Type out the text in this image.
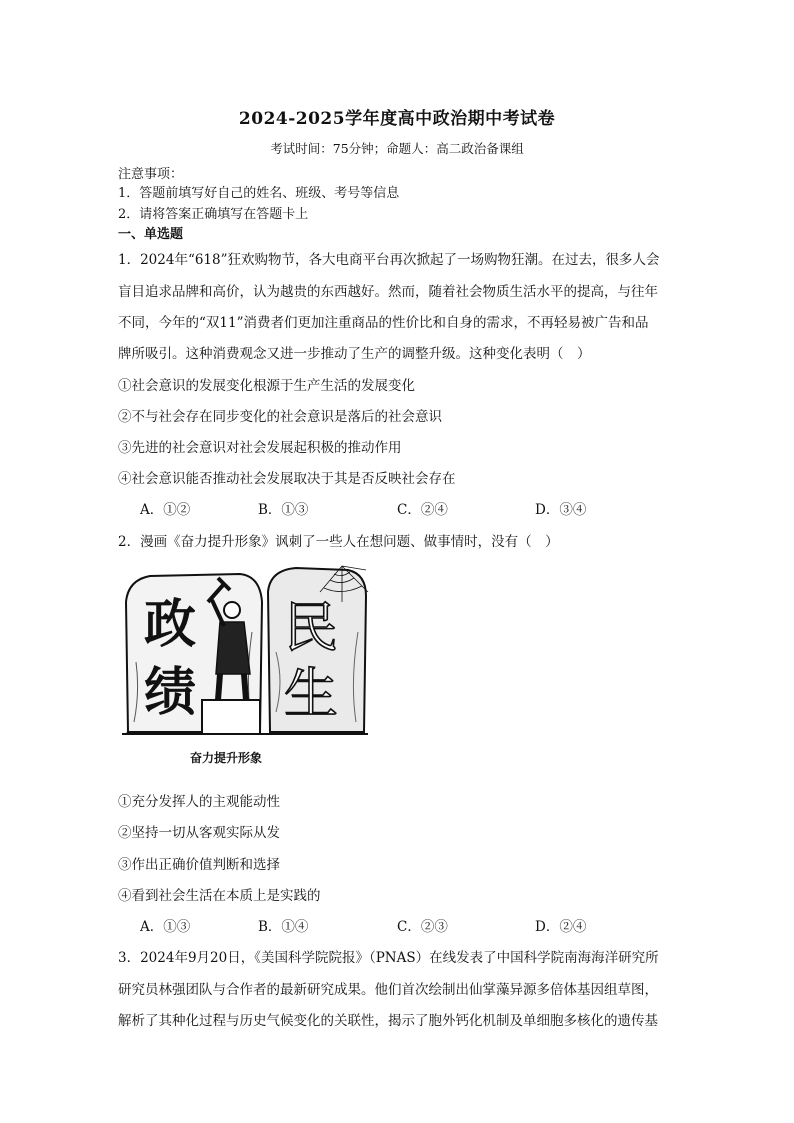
2024-2025学年度高中政治期中考试卷
考试时间：75分钟；命题人：高二政治备课组
注意事项：
1．答题前填写好自己的姓名、班级、考号等信息
2．请将答案正确填写在答题卡上
一、单选题
1．2024年“618”狂欢购物节，各大电商平台再次掀起了一场购物狂潮。在过去，很多人会
盲目追求品牌和高价，认为越贵的东西越好。然而，随着社会物质生活水平的提高，与往年
不同，今年的“双11”消费者们更加注重商品的性价比和自身的需求，不再轻易被广告和品
牌所吸引。这种消费观念又进一步推动了生产的调整升级。这种变化表明（　）
①社会意识的发展变化根源于生产生活的发展变化
②不与社会存在同步变化的社会意识是落后的社会意识
③先进的社会意识对社会发展起积极的推动作用
④社会意识能否推动社会发展取决于其是否反映社会存在
A．①②	B．①③	C．②④	D．③④
2．漫画《奋力提升形象》讽刺了一些人在想问题、做事情时，没有（　）
政
绩
民
生
奋力提升形象
①充分发挥人的主观能动性
②坚持一切从客观实际从发
③作出正确价值判断和选择
④看到社会生活在本质上是实践的
A．①③	B．①④	C．②③	D．②④
3．2024年9月20日，《美国科学院院报》（PNAS）在线发表了中国科学院南海海洋研究所
研究员林强团队与合作者的最新研究成果。他们首次绘制出仙掌藻异源多倍体基因组草图，
解析了其种化过程与历史气候变化的关联性，揭示了胞外钙化机制及单细胞多核化的遗传基
